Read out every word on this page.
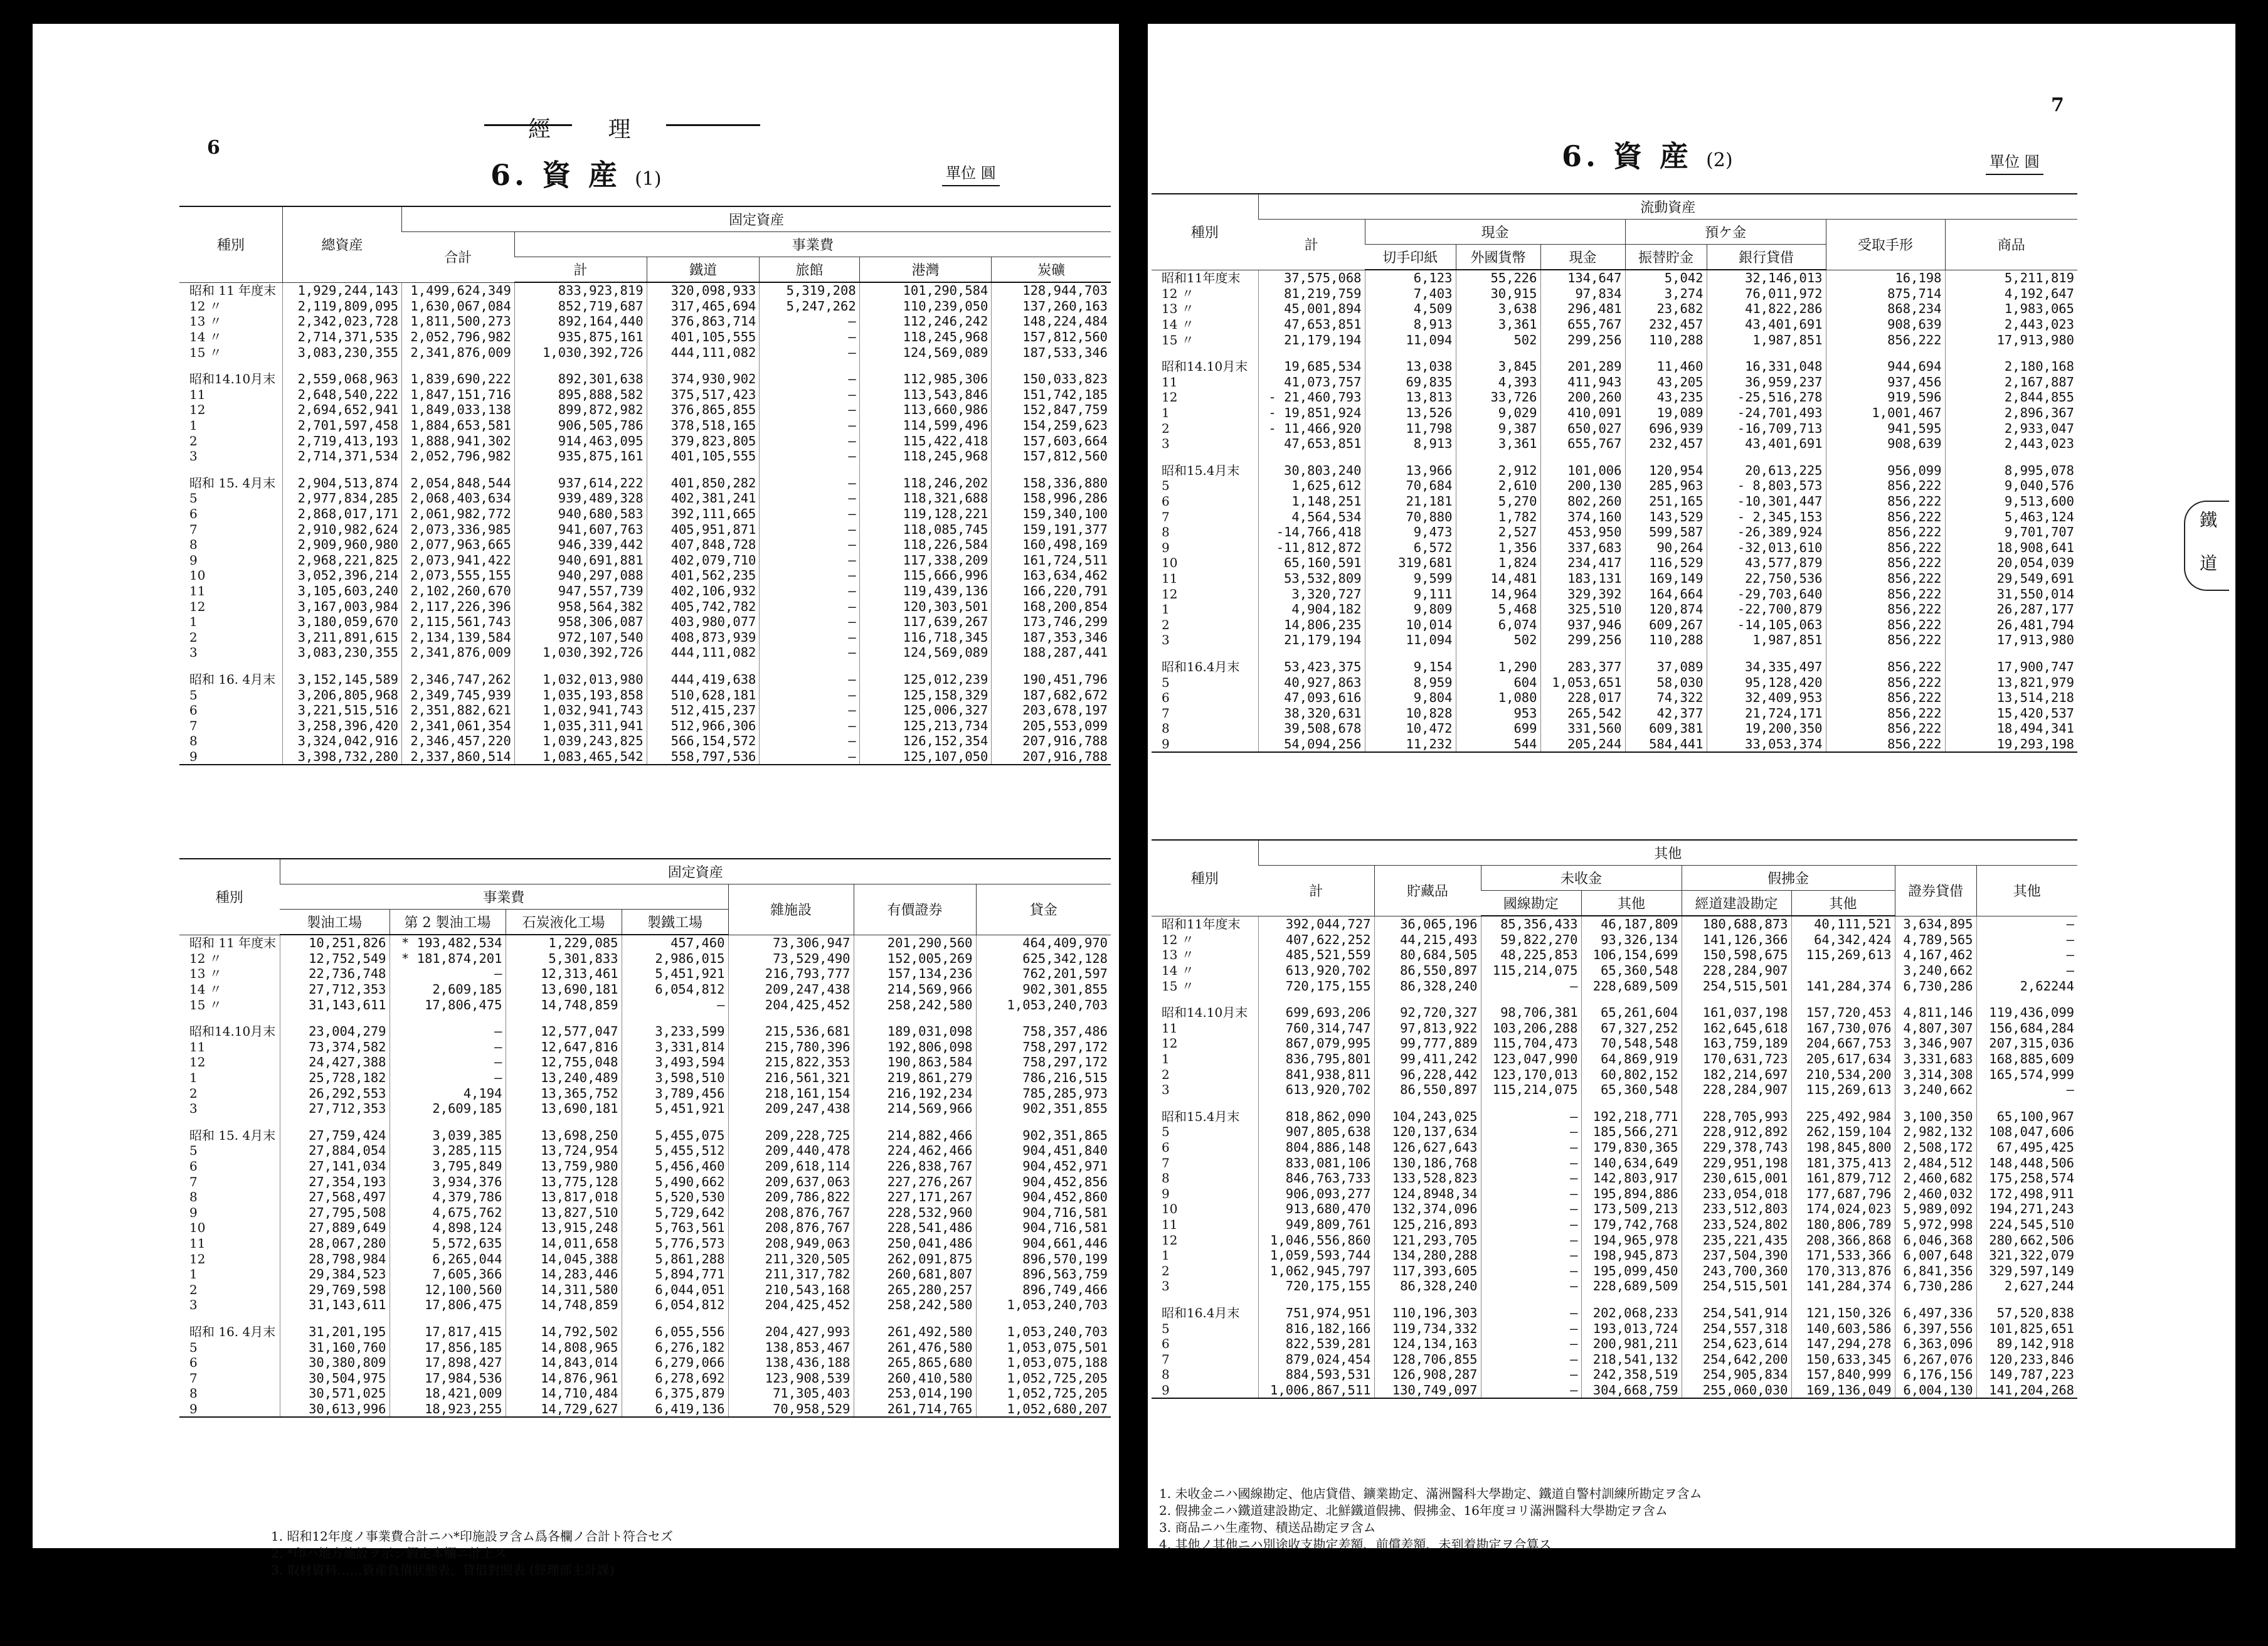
6
經 理
6. 資 産 (1)	單位 圓
種別	總資産	固定資産					
		合計	事業費				
			計	鐵道	旅館	港灣	炭礦
昭和 11 年度末	1,929,244,143	1,499,624,349	833,923,819	320,098,933	5,319,208	101,290,584	128,944,703
12 〃	2,119,809,095	1,630,067,084	852,719,687	317,465,694	5,247,262	110,239,050	137,260,163
13 〃	2,342,023,728	1,811,500,273	892,164,440	376,863,714	—	112,246,242	148,224,484
14 〃	2,714,371,535	2,052,796,982	935,875,161	401,105,555	—	118,245,968	157,812,560
15 〃	3,083,230,355	2,341,876,009	1,030,392,726	444,111,082	—	124,569,089	187,533,346

昭和14.10月末	2,559,068,963	1,839,690,222	892,301,638	374,930,902	—	112,985,306	150,033,823
11	2,648,540,222	1,847,151,716	895,888,582	375,517,423	—	113,543,846	151,742,185
12	2,694,652,941	1,849,033,138	899,872,982	376,865,855	—	113,660,986	152,847,759
1	2,701,597,458	1,884,653,581	906,505,786	378,518,165	—	114,599,496	154,259,623
2	2,719,413,193	1,888,941,302	914,463,095	379,823,805	—	115,422,418	157,603,664
3	2,714,371,534	2,052,796,982	935,875,161	401,105,555	—	118,245,968	157,812,560

昭和 15. 4月末	2,904,513,874	2,054,848,544	937,614,222	401,850,282	—	118,246,202	158,336,880
5	2,977,834,285	2,068,403,634	939,489,328	402,381,241	—	118,321,688	158,996,286
6	2,868,017,171	2,061,982,772	940,680,583	392,111,665	—	119,128,221	159,340,100
7	2,910,982,624	2,073,336,985	941,607,763	405,951,871	—	118,085,745	159,191,377
8	2,909,960,980	2,077,963,665	946,339,442	407,848,728	—	118,226,584	160,498,169
9	2,968,221,825	2,073,941,422	940,691,881	402,079,710	—	117,338,209	161,724,511
10	3,052,396,214	2,073,555,155	940,297,088	401,562,235	—	115,666,996	163,634,462
11	3,105,603,240	2,102,260,670	947,557,739	402,106,932	—	119,439,136	166,220,791
12	3,167,003,984	2,117,226,396	958,564,382	405,742,782	—	120,303,501	168,200,854
1	3,180,059,670	2,115,561,743	958,306,087	403,980,077	—	117,639,267	173,746,299
2	3,211,891,615	2,134,139,584	972,107,540	408,873,939	—	116,718,345	187,353,346
3	3,083,230,355	2,341,876,009	1,030,392,726	444,111,082	—	124,569,089	188,287,441

昭和 16. 4月末	3,152,145,589	2,346,747,262	1,032,013,980	444,419,638	—	125,012,239	190,451,796
5	3,206,805,968	2,349,745,939	1,035,193,858	510,628,181	—	125,158,329	187,682,672
6	3,221,515,516	2,351,882,621	1,032,941,743	512,415,237	—	125,006,327	203,678,197
7	3,258,396,420	2,341,061,354	1,035,311,941	512,966,306	—	125,213,734	205,553,099
8	3,324,042,916	2,346,457,220	1,039,243,825	566,154,572	—	126,152,354	207,916,788
9	3,398,732,280	2,337,860,514	1,083,465,542	558,797,536	—	125,107,050	207,916,788
種別	固定資産						
	事業費				雜施設	有價證券	貸金
	製油工場	第 2 製油工場	石炭液化工場	製鐵工場			
昭和 11 年度末	10,251,826	* 193,482,534	1,229,085	457,460	73,306,947	201,290,560	464,409,970
12 〃	12,752,549	* 181,874,201	5,301,833	2,986,015	73,529,490	152,005,269	625,342,128
13 〃	22,736,748	—	12,313,461	5,451,921	216,793,777	157,134,236	762,201,597
14 〃	27,712,353	2,609,185	13,690,181	6,054,812	209,247,438	214,569,966	902,301,855
15 〃	31,143,611	17,806,475	14,748,859	—	204,425,452	258,242,580	1,053,240,703

昭和14.10月末	23,004,279	—	12,577,047	3,233,599	215,536,681	189,031,098	758,357,486
11	73,374,582	—	12,647,816	3,331,814	215,780,396	192,806,098	758,297,172
12	24,427,388	—	12,755,048	3,493,594	215,822,353	190,863,584	758,297,172
1	25,728,182	—	13,240,489	3,598,510	216,561,321	219,861,279	786,216,515
2	26,292,553	4,194	13,365,752	3,789,456	218,161,154	216,192,234	785,285,973
3	27,712,353	2,609,185	13,690,181	5,451,921	209,247,438	214,569,966	902,351,855

昭和 15. 4月末	27,759,424	3,039,385	13,698,250	5,455,075	209,228,725	214,882,466	902,351,865
5	27,884,054	3,285,115	13,724,954	5,455,512	209,440,478	224,462,466	904,451,840
6	27,141,034	3,795,849	13,759,980	5,456,460	209,618,114	226,838,767	904,452,971
7	27,354,193	3,934,376	13,775,128	5,490,662	209,637,063	227,276,267	904,452,856
8	27,568,497	4,379,786	13,817,018	5,520,530	209,786,822	227,171,267	904,452,860
9	27,795,508	4,675,762	13,827,510	5,729,642	208,876,767	228,532,960	904,716,581
10	27,889,649	4,898,124	13,915,248	5,763,561	208,876,767	228,541,486	904,716,581
11	28,067,280	5,572,635	14,011,658	5,776,573	208,949,063	250,041,486	904,661,446
12	28,798,984	6,265,044	14,045,388	5,861,288	211,320,505	262,091,875	896,570,199
1	29,384,523	7,605,366	14,283,446	5,894,771	211,317,782	260,681,807	896,563,759
2	29,769,598	12,100,560	14,311,580	6,044,051	210,543,168	265,280,257	896,749,466
3	31,143,611	17,806,475	14,748,859	6,054,812	204,425,452	258,242,580	1,053,240,703

昭和 16. 4月末	31,201,195	17,817,415	14,792,502	6,055,556	204,427,993	261,492,580	1,053,240,703
5	31,160,760	17,856,185	14,808,965	6,276,182	138,853,467	261,476,580	1,053,075,501
6	30,380,809	17,898,427	14,843,014	6,279,066	138,436,188	265,865,680	1,053,075,188
7	30,504,975	17,984,536	14,876,961	6,278,692	123,908,539	260,410,580	1,052,725,205
8	30,571,025	18,421,009	14,710,484	6,375,879	71,305,403	253,014,190	1,052,725,205
9	30,613,996	18,923,255	14,729,627	6,419,136	70,958,529	261,714,765	1,052,680,207
1. 昭和12年度ノ事業費合計ニハ*印施設ヲ含ム爲各欄ノ合計ト符合セズ
2. *印ハ地方施設ヲ示シ假定本欄ニ計上ス
3. 取材資料……資産負債狀態表、貸借對照表 (經理部主計課)
7
6. 資 産 (2)	單位 圓
鐵 道
種別	流動資産							
	計	現金			預ケ金		受取手形	商品
		切手印紙	外國貨幣	現金	振替貯金	銀行貸借		
昭和11年度末	37,575,068	6,123	55,226	134,647	5,042	32,146,013	16,198	5,211,819
12 〃	81,219,759	7,403	30,915	97,834	3,274	76,011,972	875,714	4,192,647
13 〃	45,001,894	4,509	3,638	296,481	23,682	41,822,286	868,234	1,983,065
14 〃	47,653,851	8,913	3,361	655,767	232,457	43,401,691	908,639	2,443,023
15 〃	21,179,194	11,094	502	299,256	110,288	1,987,851	856,222	17,913,980

昭和14.10月末	19,685,534	13,038	3,845	201,289	11,460	16,331,048	944,694	2,180,168
11	41,073,757	69,835	4,393	411,943	43,205	36,959,237	937,456	2,167,887
12	- 21,460,793	13,813	33,726	200,260	43,235	-25,516,278	919,596	2,844,855
1	- 19,851,924	13,526	9,029	410,091	19,089	-24,701,493	1,001,467	2,896,367
2	- 11,466,920	11,798	9,387	650,027	696,939	-16,709,713	941,595	2,933,047
3	47,653,851	8,913	3,361	655,767	232,457	43,401,691	908,639	2,443,023

昭和15.4月末	30,803,240	13,966	2,912	101,006	120,954	20,613,225	956,099	8,995,078
5	1,625,612	70,684	2,610	200,130	285,963	- 8,803,573	856,222	9,040,576
6	1,148,251	21,181	5,270	802,260	251,165	-10,301,447	856,222	9,513,600
7	4,564,534	70,880	1,782	374,160	143,529	- 2,345,153	856,222	5,463,124
8	-14,766,418	9,473	2,527	453,950	599,587	-26,389,924	856,222	9,701,707
9	-11,812,872	6,572	1,356	337,683	90,264	-32,013,610	856,222	18,908,641
10	65,160,591	319,681	1,824	234,417	116,529	43,577,879	856,222	20,054,039
11	53,532,809	9,599	14,481	183,131	169,149	22,750,536	856,222	29,549,691
12	3,320,727	9,111	14,964	329,392	164,664	-29,703,640	856,222	31,550,014
1	4,904,182	9,809	5,468	325,510	120,874	-22,700,879	856,222	26,287,177
2	14,806,235	10,014	6,074	937,946	609,267	-14,105,063	856,222	26,481,794
3	21,179,194	11,094	502	299,256	110,288	1,987,851	856,222	17,913,980

昭和16.4月末	53,423,375	9,154	1,290	283,377	37,089	34,335,497	856,222	17,900,747
5	40,927,863	8,959	604	1,053,651	58,030	95,128,420	856,222	13,821,979
6	47,093,616	9,804	1,080	228,017	74,322	32,409,953	856,222	13,514,218
7	38,320,631	10,828	953	265,542	42,377	21,724,171	856,222	15,420,537
8	39,508,678	10,472	699	331,560	609,381	19,200,350	856,222	18,494,341
9	54,094,256	11,232	544	205,244	584,441	33,053,374	856,222	19,293,198
種別	其他							
	計	貯藏品	未收金		假拂金		證券貸借	其他
			國線勘定	其他	經道建設勘定	其他		
昭和11年度末	392,044,727	36,065,196	85,356,433	46,187,809	180,688,873	40,111,521	3,634,895	—
12 〃	407,622,252	44,215,493	59,822,270	93,326,134	141,126,366	64,342,424	4,789,565	—
13 〃	485,521,559	80,684,505	48,225,853	106,154,699	150,598,675	115,269,613	4,167,462	—
14 〃	613,920,702	86,550,897	115,214,075	65,360,548	228,284,907		3,240,662	—
15 〃	720,175,155	86,328,240	—	228,689,509	254,515,501	141,284,374	6,730,286	2,62244

昭和14.10月末	699,693,206	92,720,327	98,706,381	65,261,604	161,037,198	157,720,453	4,811,146	119,436,099
11	760,314,747	97,813,922	103,206,288	67,327,252	162,645,618	167,730,076	4,807,307	156,684,284
12	867,079,995	99,777,889	115,704,473	70,548,548	163,759,189	204,667,753	3,346,907	207,315,036
1	836,795,801	99,411,242	123,047,990	64,869,919	170,631,723	205,617,634	3,331,683	168,885,609
2	841,938,811	96,228,442	123,170,013	60,802,152	182,214,697	210,534,200	3,314,308	165,574,999
3	613,920,702	86,550,897	115,214,075	65,360,548	228,284,907	115,269,613	3,240,662	—

昭和15.4月末	818,862,090	104,243,025	—	192,218,771	228,705,993	225,492,984	3,100,350	65,100,967
5	907,805,638	120,137,634	—	185,566,271	228,912,892	262,159,104	2,982,132	108,047,606
6	804,886,148	126,627,643	—	179,830,365	229,378,743	198,845,800	2,508,172	67,495,425
7	833,081,106	130,186,768	—	140,634,649	229,951,198	181,375,413	2,484,512	148,448,506
8	846,763,733	133,528,823	—	142,803,917	230,615,001	161,879,712	2,460,682	175,258,574
9	906,093,277	124,8948,34	—	195,894,886	233,054,018	177,687,796	2,460,032	172,498,911
10	913,680,470	132,374,096	—	173,509,213	233,512,803	174,024,023	5,989,092	194,271,243
11	949,809,761	125,216,893	—	179,742,768	233,524,802	180,806,789	5,972,998	224,545,510
12	1,046,556,860	121,293,705	—	194,965,978	235,221,435	208,366,868	6,046,368	280,662,506
1	1,059,593,744	134,280,288	—	198,945,873	237,504,390	171,533,366	6,007,648	321,322,079
2	1,062,945,797	117,393,605	—	195,099,450	243,700,360	170,313,876	6,841,356	329,597,149
3	720,175,155	86,328,240	—	228,689,509	254,515,501	141,284,374	6,730,286	2,627,244

昭和16.4月末	751,974,951	110,196,303	—	202,068,233	254,541,914	121,150,326	6,497,336	57,520,838
5	816,182,166	119,734,332	—	193,013,724	254,557,318	140,603,586	6,397,556	101,825,651
6	822,539,281	124,134,163	—	200,981,211	254,623,614	147,294,278	6,363,096	89,142,918
7	879,024,454	128,706,855	—	218,541,132	254,642,200	150,633,345	6,267,076	120,233,846
8	884,593,531	126,908,287	—	242,358,519	254,905,834	157,840,999	6,176,156	149,787,223
9	1,006,867,511	130,749,097	—	304,668,759	255,060,030	169,136,049	6,004,130	141,204,268
1. 未收金ニハ國線勘定、他店貸借、鑛業勘定、滿洲醫科大學勘定、鐵道自警村訓練所勘定ヲ含ム
2. 假拂金ニハ鐵道建設勘定、北鮮鐵道假拂、假拂金、16年度ヨリ滿洲醫科大學勘定ヲ含ム
3. 商品ニハ生產物、積送品勘定ヲ含ム
4. 其他ノ其他ニハ別途收支勘定差額、前償差額、未到着勘定ヲ合算ス
